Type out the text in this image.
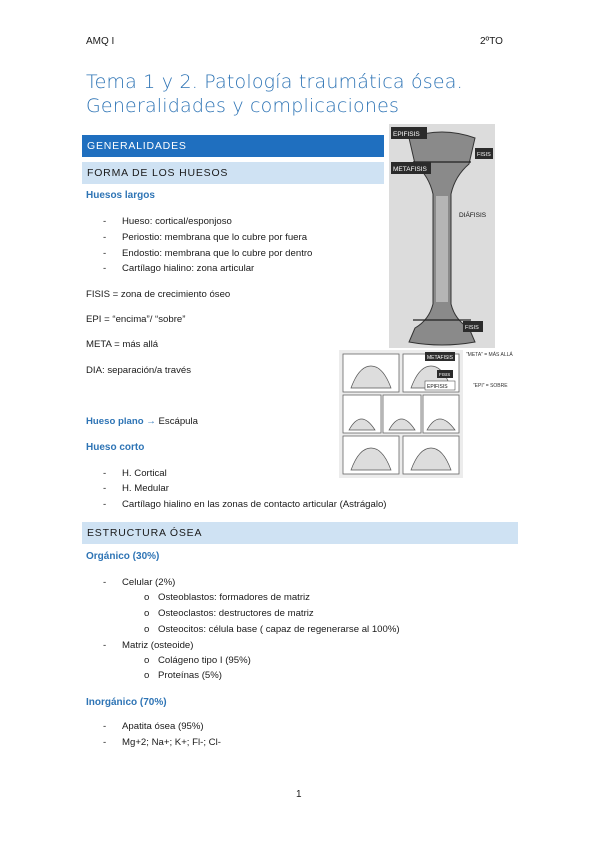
AMQ I	2ºTO
Tema 1 y 2. Patología traumática ósea. Generalidades y complicaciones
GENERALIDADES
FORMA DE LOS HUESOS
Huesos largos
- Hueso: cortical/esponjoso
- Periostio: membrana que lo cubre por fuera
- Endostio: membrana que lo cubre por dentro
- Cartílago hialino: zona articular
FISIS = zona de crecimiento óseo
EPI = “encima”/ “sobre”
META = más allá
DIA: separación/a través
Hueso plano → Escápula
Hueso corto
- H. Cortical
- H. Medular
- Cartílago hialino en las zonas de contacto articular (Astrágalo)
ESTRUCTURA ÓSEA
Orgánico (30%)
- Celular (2%)
o Osteoblastos: formadores de matriz
o Osteoclastos: destructores de matriz
o Osteocitos: célula base ( capaz de regenerarse al 100%)
- Matriz (osteoide)
o Colágeno tipo I (95%)
o Proteínas (5%)
Inorgánico (70%)
- Apatita ósea (95%)
- Mg+2; Na+; K+; Fl-; Cl-
EPIFISIS
METAFISIS
DIÁFISIS
FISIS
FISIS
METAFISIS
FISIS
EPIFISIS
“META” = MÁS ALLÁ
“EPI” = SOBRE
1
